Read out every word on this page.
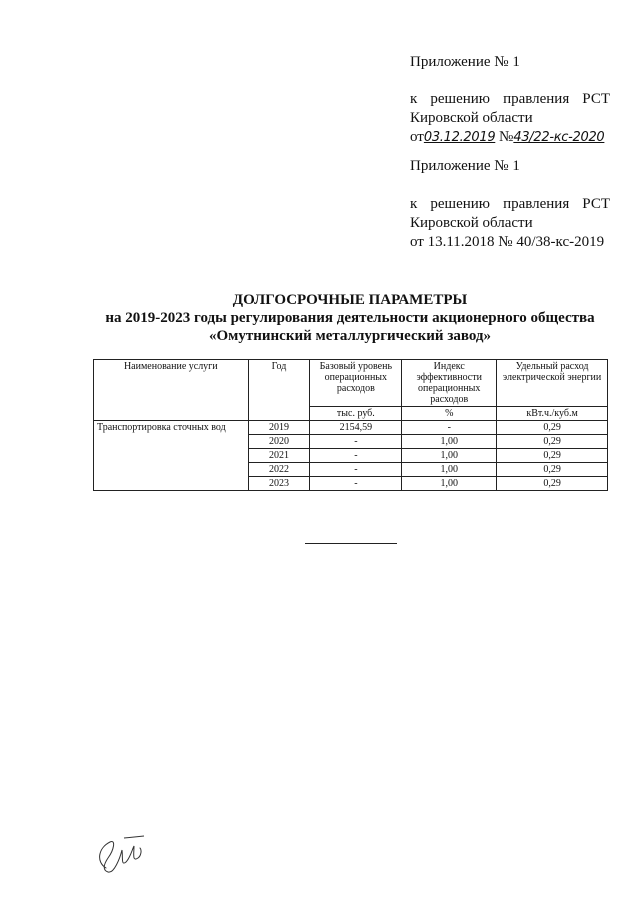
Приложение № 1
к решению правления РСТ
Кировской области
от03.12.2019 №43/22-кс-2020
Приложение № 1
к решению правления РСТ
Кировской области
от 13.11.2018 № 40/38-кс-2019
ДОЛГОСРОЧНЫЕ ПАРАМЕТРЫ
на 2019-2023 годы регулирования деятельности акционерного общества
«Омутнинский металлургический завод»
Наименование услуги	Год	Базовый уровень операционных расходов	Индекс эффективности операционных расходов	Удельный расход электрической энергии
		тыс. руб.	%	кВт.ч./куб.м
Транспортировка сточных вод	2019	2154,59	-	0,29
	2020	-	1,00	0,29
	2021	-	1,00	0,29
	2022	-	1,00	0,29
	2023	-	1,00	0,29
